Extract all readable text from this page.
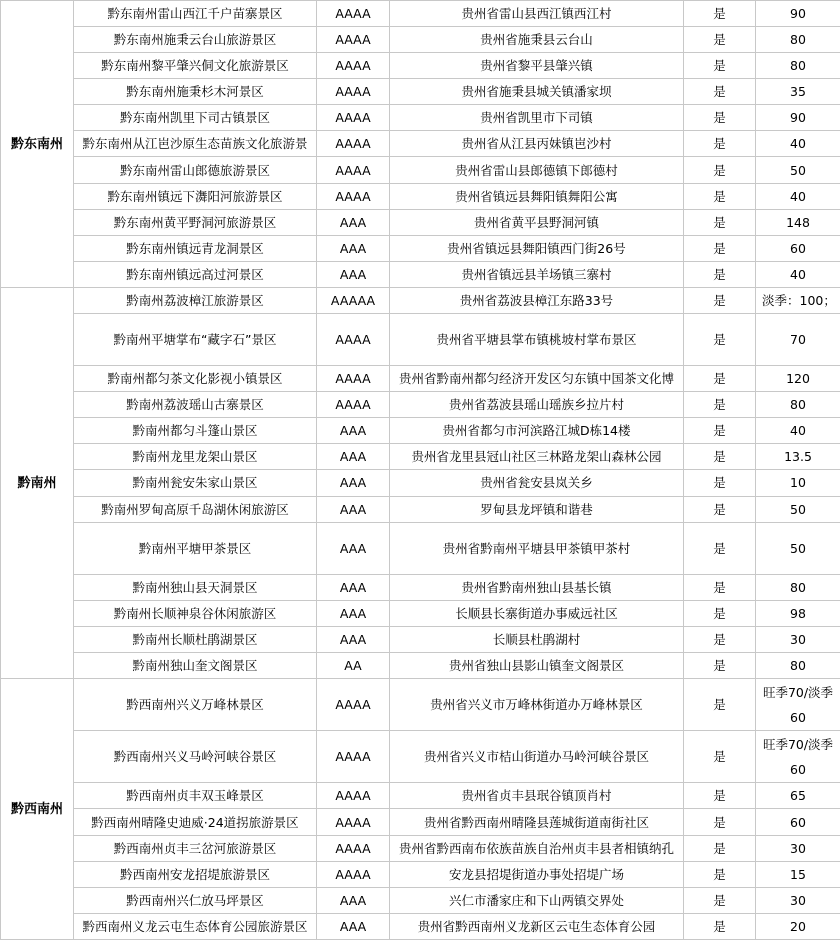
黔东南州	黔东南州雷山西江千户苗寨景区	AAAA	贵州省雷山县西江镇西江村	是	90
	黔东南州施秉云台山旅游景区	AAAA	贵州省施秉县云台山	是	80
	黔东南州黎平肇兴侗文化旅游景区	AAAA	贵州省黎平县肇兴镇	是	80
	黔东南州施秉杉木河景区	AAAA	贵州省施秉县城关镇潘家坝	是	35
	黔东南州凯里下司古镇景区	AAAA	贵州省凯里市下司镇	是	90
	黔东南州从江岜沙原生态苗族文化旅游景	AAAA	贵州省从江县丙妹镇岜沙村	是	40
	黔东南州雷山郎德旅游景区	AAAA	贵州省雷山县郎德镇下郎德村	是	50
	黔东南州镇远下㵲阳河旅游景区	AAAA	贵州省镇远县舞阳镇舞阳公寓	是	40
	黔东南州黄平野洞河旅游景区	AAA	贵州省黄平县野洞河镇	是	148
	黔东南州镇远青龙洞景区	AAA	贵州省镇远县舞阳镇西门街26号	是	60
	黔东南州镇远高过河景区	AAA	贵州省镇远县羊场镇三寨村	是	40
黔南州	黔南州荔波樟江旅游景区	AAAAA	贵州省荔波县樟江东路33号	是	淡季：100；
	黔南州平塘掌布“藏字石”景区	AAAA	贵州省平塘县掌布镇桃坡村掌布景区	是	70
	黔南州都匀茶文化影视小镇景区	AAAA	贵州省黔南州都匀经济开发区匀东镇中国茶文化博	是	120
	黔南州荔波瑶山古寨景区	AAAA	贵州省荔波县瑶山瑶族乡拉片村	是	80
	黔南州都匀斗篷山景区	AAA	贵州省都匀市河滨路江城D栋14楼	是	40
	黔南州龙里龙架山景区	AAA	贵州省龙里县冠山社区三林路龙架山森林公园	是	13.5
	黔南州瓮安朱家山景区	AAA	贵州省瓮安县岚关乡	是	10
	黔南州罗甸高原千岛湖休闲旅游区	AAA	罗甸县龙坪镇和谐巷	是	50
	黔南州平塘甲茶景区	AAA	贵州省黔南州平塘县甲茶镇甲茶村	是	50
	黔南州独山县天洞景区	AAA	贵州省黔南州独山县基长镇	是	80
	黔南州长顺神泉谷休闲旅游区	AAA	长顺县长寨街道办事威远社区	是	98
	黔南州长顺杜鹃湖景区	AAA	长顺县杜鹃湖村	是	30
	黔南州独山奎文阁景区	AA	贵州省独山县影山镇奎文阁景区	是	80
黔西南州	黔西南州兴义万峰林景区	AAAA	贵州省兴义市万峰林街道办万峰林景区	是	旺季70/淡季60
	黔西南州兴义马岭河峡谷景区	AAAA	贵州省兴义市桔山街道办马岭河峡谷景区	是	旺季70/淡季60
	黔西南州贞丰双玉峰景区	AAAA	贵州省贞丰县珉谷镇顶肖村	是	65
	黔西南州晴隆史迪威·24道拐旅游景区	AAAA	贵州省黔西南州晴隆县莲城街道南街社区	是	60
	黔西南州贞丰三岔河旅游景区	AAAA	贵州省黔西南布依族苗族自治州贞丰县者相镇纳孔	是	30
	黔西南州安龙招堤旅游景区	AAAA	安龙县招堤街道办事处招堤广场	是	15
	黔西南州兴仁放马坪景区	AAA	兴仁市潘家庄和下山两镇交界处	是	30
	黔西南州义龙云屯生态体育公园旅游景区	AAA	贵州省黔西南州义龙新区云屯生态体育公园	是	20
